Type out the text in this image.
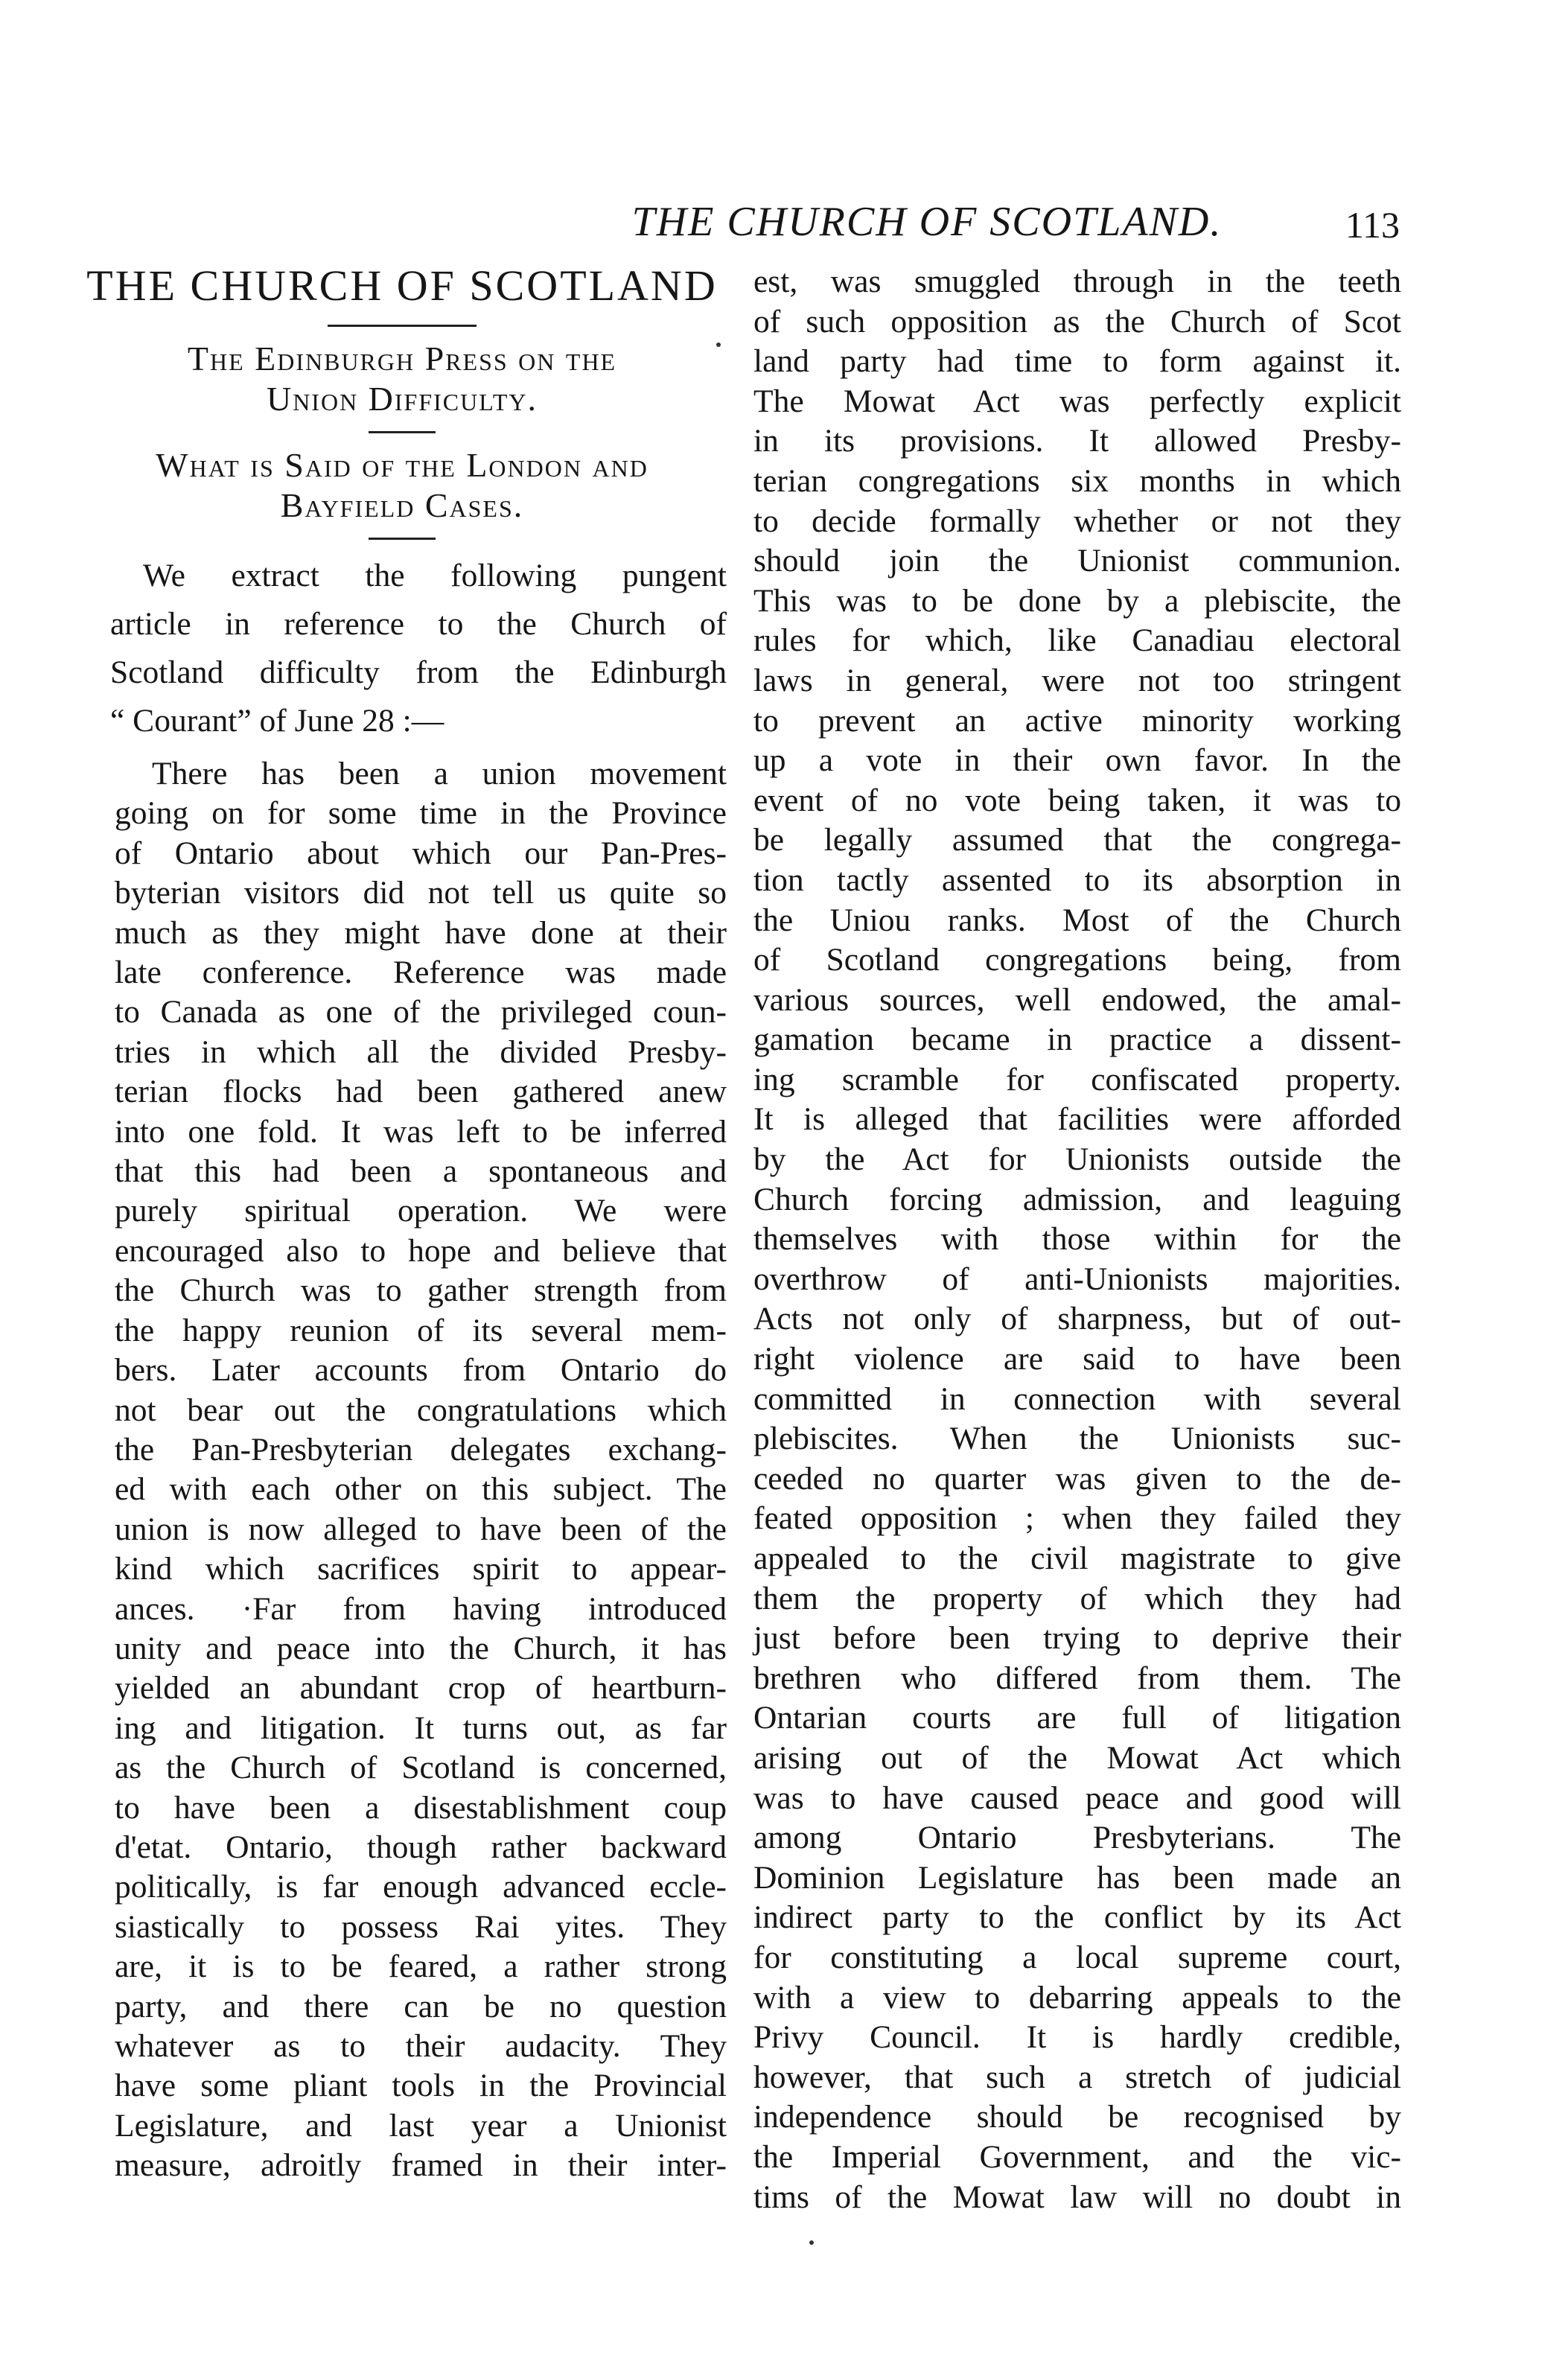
THE CHURCH OF SCOTLAND.	113
THE CHURCH OF SCOTLAND
The Edinburgh Press on the
Union Difficulty.
What is Said of the London and
Bayfield Cases.
We extract the following pungent
article in reference to the Church of
Scotland difficulty from the Edinburgh
“ Courant” of June 28 :—
There has been a union movement
going on for some time in the Province
of Ontario about which our Pan-Pres-
byterian visitors did not tell us quite so
much as they might have done at their
late conference. Reference was made
to Canada as one of the privileged coun-
tries in which all the divided Presby-
terian flocks had been gathered anew
into one fold. It was left to be inferred
that this had been a spontaneous and
purely spiritual operation. We were
encouraged also to hope and believe that
the Church was to gather strength from
the happy reunion of its several mem-
bers. Later accounts from Ontario do
not bear out the congratulations which
the Pan-Presbyterian delegates exchang-
ed with each other on this subject. The
union is now alleged to have been of the
kind which sacrifices spirit to appear-
ances. ·Far from having introduced
unity and peace into the Church, it has
yielded an abundant crop of heartburn-
ing and litigation. It turns out, as far
as the Church of Scotland is concerned,
to have been a disestablishment coup
d'etat. Ontario, though rather backward
politically, is far enough advanced eccle-
siastically to possess Rai yites. They
are, it is to be feared, a rather strong
party, and there can be no question
whatever as to their audacity. They
have some pliant tools in the Provincial
Legislature, and last year a Unionist
measure, adroitly framed in their inter-
est, was smuggled through in the teeth
of such opposition as the Church of Scot
land party had time to form against it.
The Mowat Act was perfectly explicit
in its provisions. It allowed Presby-
terian congregations six months in which
to decide formally whether or not they
should join the Unionist communion.
This was to be done by a plebiscite, the
rules for which, like Canadiau electoral
laws in general, were not too stringent
to prevent an active minority working
up a vote in their own favor. In the
event of no vote being taken, it was to
be legally assumed that the congrega-
tion tactly assented to its absorption in
the Uniou ranks. Most of the Church
of Scotland congregations being, from
various sources, well endowed, the amal-
gamation became in practice a dissent-
ing scramble for confiscated property.
It is alleged that facilities were afforded
by the Act for Unionists outside the
Church forcing admission, and leaguing
themselves with those within for the
overthrow of anti-Unionists majorities.
Acts not only of sharpness, but of out-
right violence are said to have been
committed in connection with several
plebiscites. When the Unionists suc-
ceeded no quarter was given to the de-
feated opposition ; when they failed they
appealed to the civil magistrate to give
them the property of which they had
just before been trying to deprive their
brethren who differed from them. The
Ontarian courts are full of litigation
arising out of the Mowat Act which
was to have caused peace and good will
among Ontario Presbyterians. The
Dominion Legislature has been made an
indirect party to the conflict by its Act
for constituting a local supreme court,
with a view to debarring appeals to the
Privy Council. It is hardly credible,
however, that such a stretch of judicial
independence should be recognised by
the Imperial Government, and the vic-
tims of the Mowat law will no doubt in
